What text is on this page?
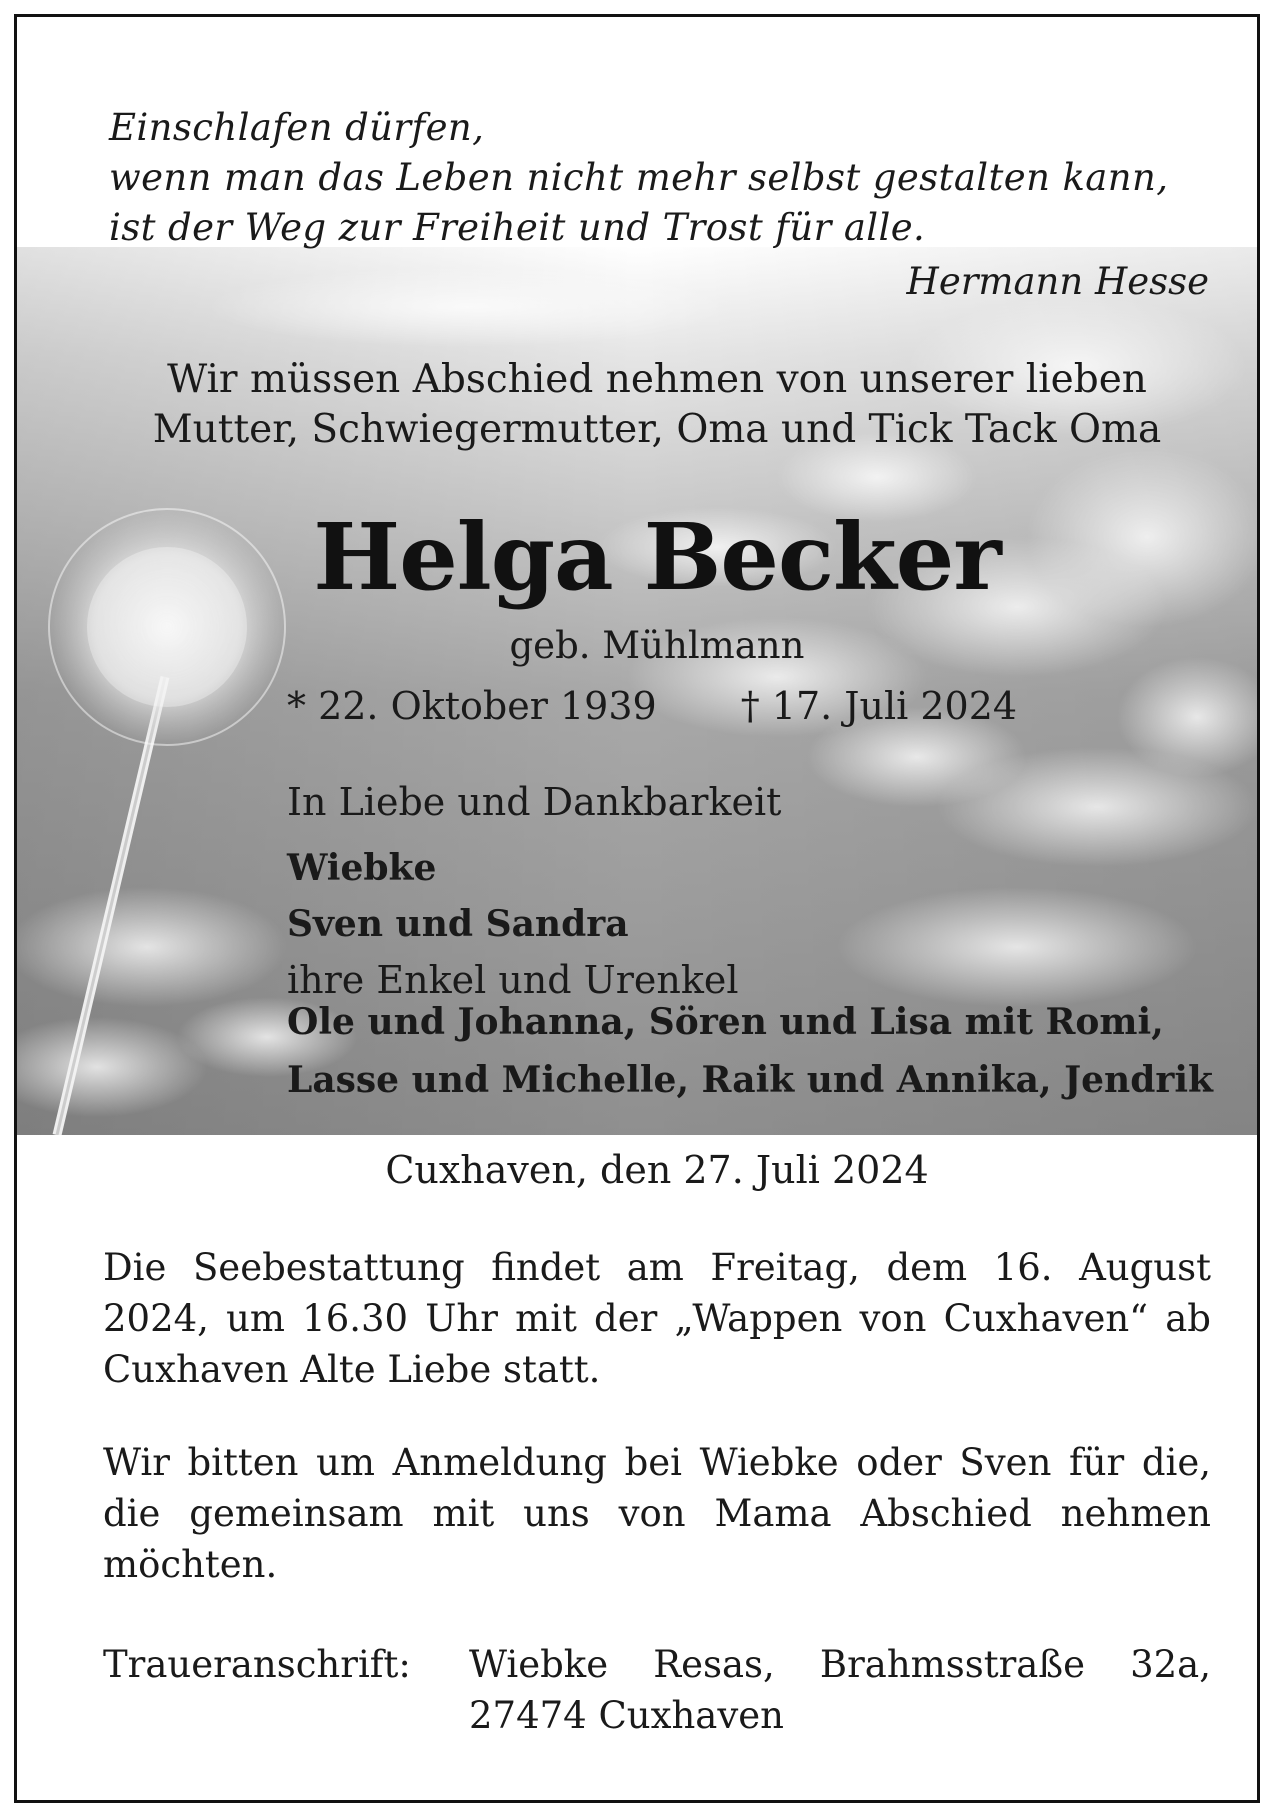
Einschlafen dürfen,
wenn man das Leben nicht mehr selbst gestalten kann,
ist der Weg zur Freiheit und Trost für alle.
Hermann Hesse
Wir müssen Abschied nehmen von unserer lieben
Mutter, Schwiegermutter, Oma und Tick Tack Oma
Helga Becker
geb. Mühlmann
* 22. Oktober 1939 † 17. Juli 2024
In Liebe und Dankbarkeit
Wiebke
Sven und Sandra
ihre Enkel und Urenkel
Ole und Johanna, Sören und Lisa mit Romi,
Lasse und Michelle, Raik und Annika, Jendrik
Cuxhaven, den 27. Juli 2024
Die Seebestattung findet am Freitag, dem 16. August
2024, um 16.30 Uhr mit der „Wappen von Cuxhaven“ ab
Cuxhaven Alte Liebe statt.
Wir bitten um Anmeldung bei Wiebke oder Sven für die,
die gemeinsam mit uns von Mama Abschied nehmen
möchten.
Traueranschrift: Wiebke Resas, Brahmsstraße 32a,
27474 Cuxhaven
